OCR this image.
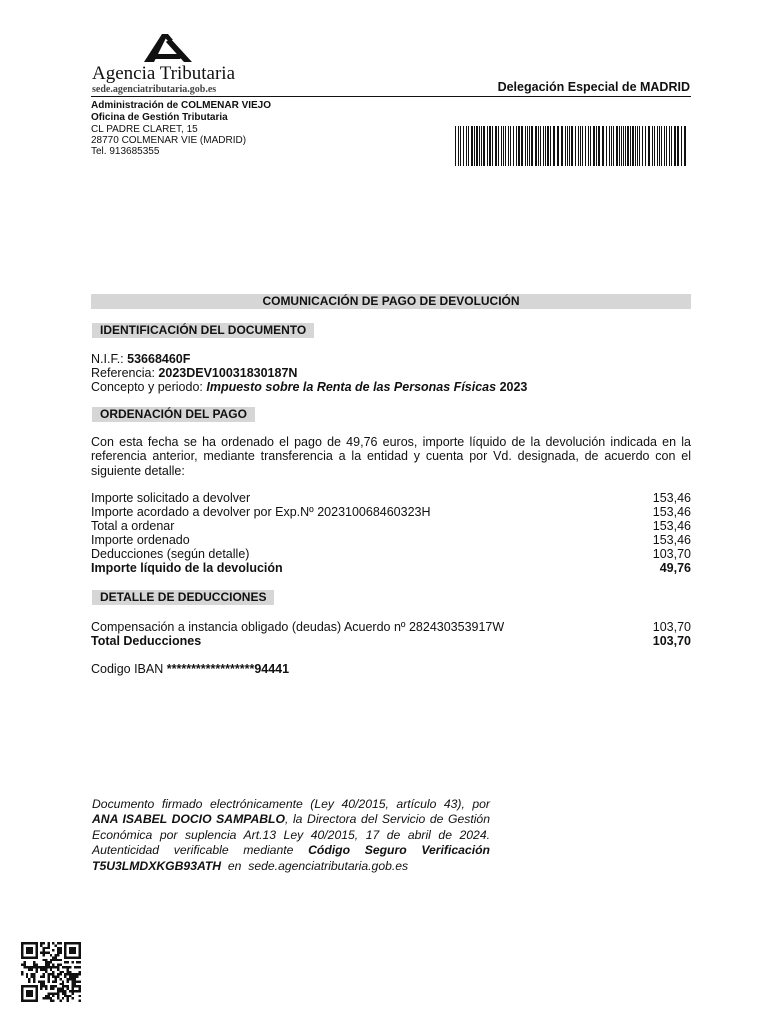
Agencia Tributaria
sede.agenciatributaria.gob.es	Delegación Especial de MADRID
Administración de COLMENAR VIEJO
Oficina de Gestión Tributaria
CL PADRE CLARET, 15
28770 COLMENAR VIE (MADRID)
Tel. 913685355
COMUNICACIÓN DE PAGO DE DEVOLUCIÓN
IDENTIFICACIÓN DEL DOCUMENTO
N.I.F.: 53668460F
Referencia: 2023DEV10031830187N
Concepto y periodo: Impuesto sobre la Renta de las Personas Físicas 2023
ORDENACIÓN DEL PAGO
Con esta fecha se ha ordenado el pago de 49,76 euros, importe líquido de la devolución indicada en la referencia anterior, mediante transferencia a la entidad y cuenta por Vd. designada, de acuerdo con el siguiente detalle:
Importe solicitado a devolver	153,46
Importe acordado a devolver por Exp.Nº 202310068460323H	153,46
Total a ordenar	153,46
Importe ordenado	153,46
Deducciones (según detalle)	103,70
Importe líquido de la devolución	49,76
DETALLE DE DEDUCCIONES
Compensación a instancia obligado (deudas) Acuerdo nº 282430353917W	103,70
Total Deducciones	103,70
Codigo IBAN ******************94441
Documento firmado electrónicamente (Ley 40/2015, artículo 43), por ANA ISABEL DOCIO SAMPABLO, la Directora del Servicio de Gestión Económica por suplencia Art.13 Ley 40/2015, 17 de abril de 2024. Autenticidad verificable mediante Código Seguro Verificación T5U3LMDXKGB93ATH en sede.agenciatributaria.gob.es
